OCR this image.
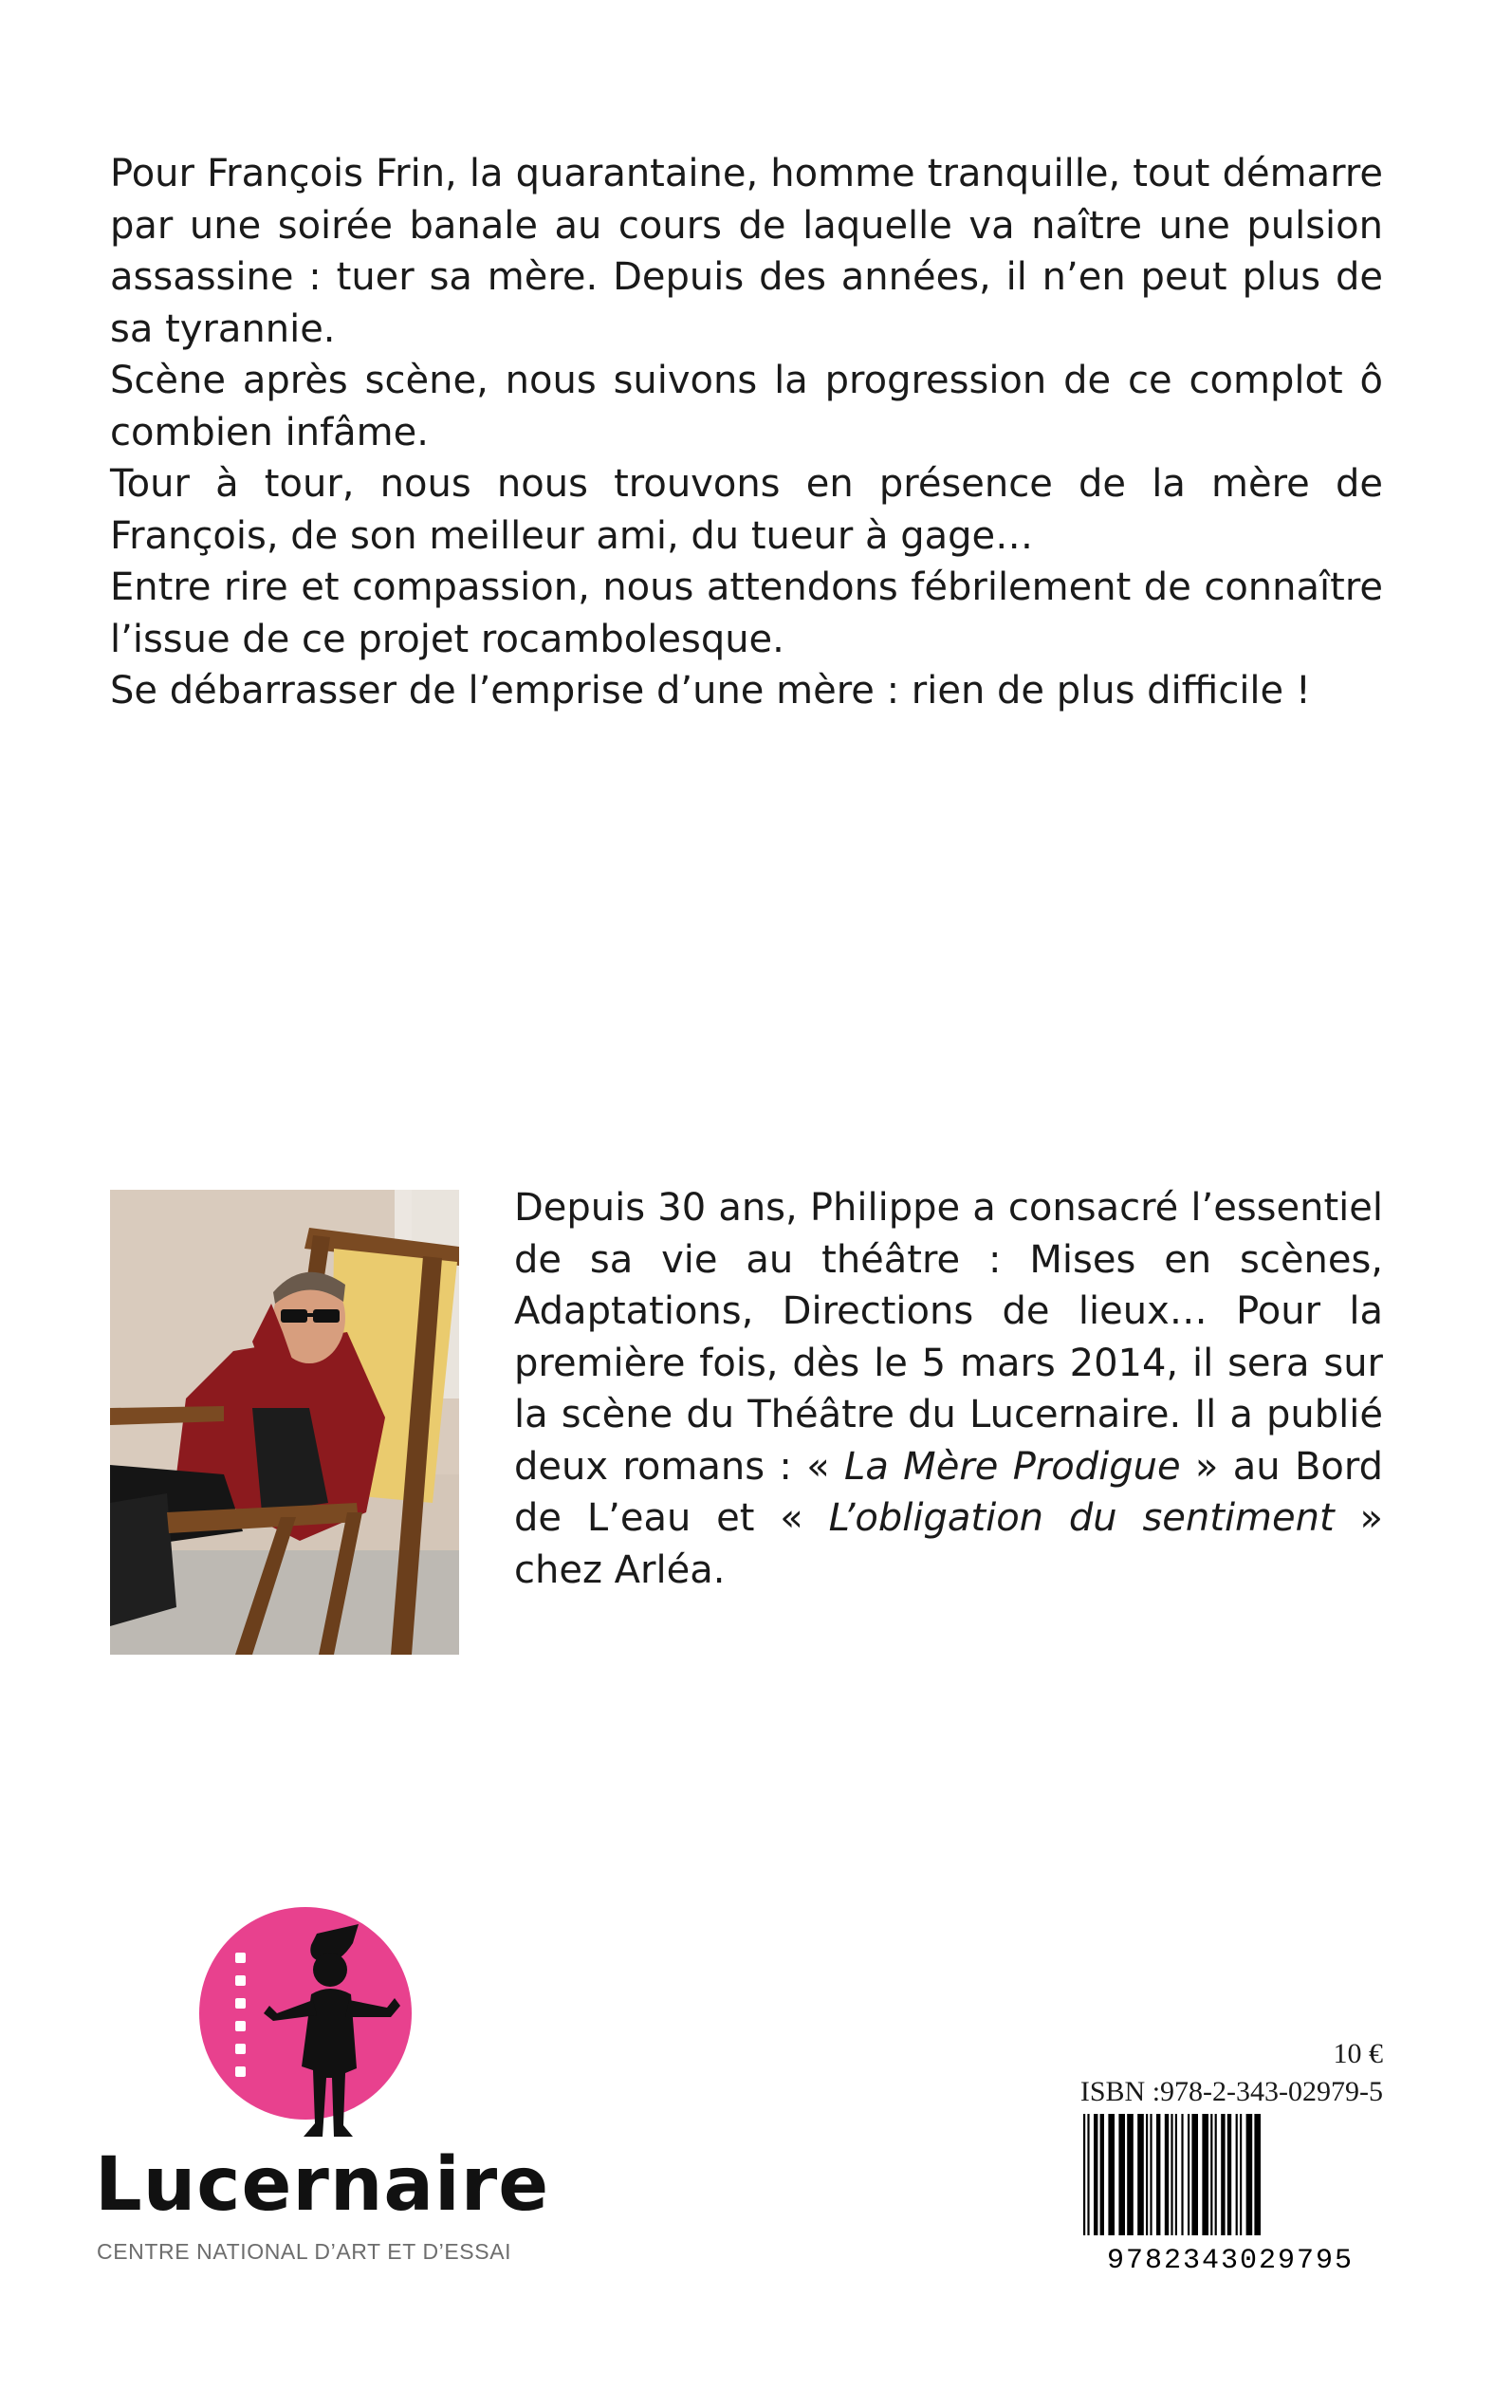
Pour François Frin, la quarantaine, homme tranquille, tout démarre par une soirée banale au cours de laquelle va naître une pulsion assassine : tuer sa mère. Depuis des années, il n’en peut plus de sa tyrannie.

Scène après scène, nous suivons la progression de ce complot ô combien infâme.

Tour à tour, nous nous trouvons en présence de la mère de François, de son meilleur ami, du tueur à gage…

Entre rire et compassion, nous attendons fébrilement de connaître l’issue de ce projet rocambolesque.

Se débarrasser de l’emprise d’une mère : rien de plus difficile !

Depuis 30 ans, Philippe a consacré l’essentiel de sa vie au théâtre : Mises en scènes, Adaptations, Directions de lieux… Pour la première fois, dès le 5 mars 2014, il sera sur la scène du Théâtre du Lucernaire. Il a publié deux romans : « La Mère Prodigue » au Bord de L’eau et « L’obligation du sentiment » chez Arléa.

Lucernaire
CENTRE NATIONAL D’ART ET D’ESSAI
10 €
ISBN :978-2-343-02979-5
9782343029795
